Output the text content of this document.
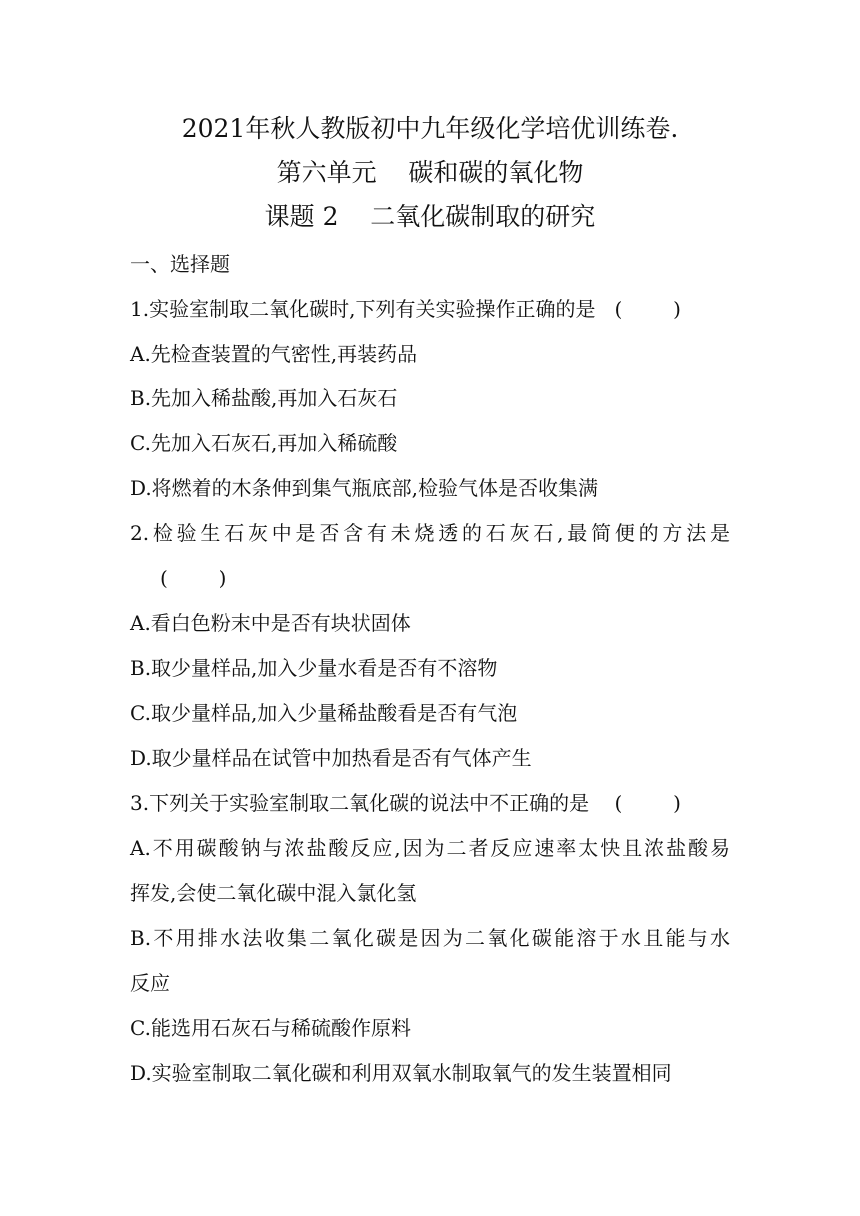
2021年秋人教版初中九年级化学培优训练卷.
第六单元    碳和碳的氧化物
课题 2    二氧化碳制取的研究
一、选择题
1.实验室制取二氧化碳时,下列有关实验操作正确的是   (        )
A.先检查装置的气密性,再装药品
B.先加入稀盐酸,再加入石灰石
C.先加入石灰石,再加入稀硫酸
D.将燃着的木条伸到集气瓶底部,检验气体是否收集满
2.检验生石灰中是否含有未烧透的石灰石,最简便的方法是
(        )
A.看白色粉末中是否有块状固体
B.取少量样品,加入少量水看是否有不溶物
C.取少量样品,加入少量稀盐酸看是否有气泡
D.取少量样品在试管中加热看是否有气体产生
3.下列关于实验室制取二氧化碳的说法中不正确的是    (        )
A.不用碳酸钠与浓盐酸反应,因为二者反应速率太快且浓盐酸易
挥发,会使二氧化碳中混入氯化氢
B.不用排水法收集二氧化碳是因为二氧化碳能溶于水且能与水
反应
C.能选用石灰石与稀硫酸作原料
D.实验室制取二氧化碳和利用双氧水制取氧气的发生装置相同
